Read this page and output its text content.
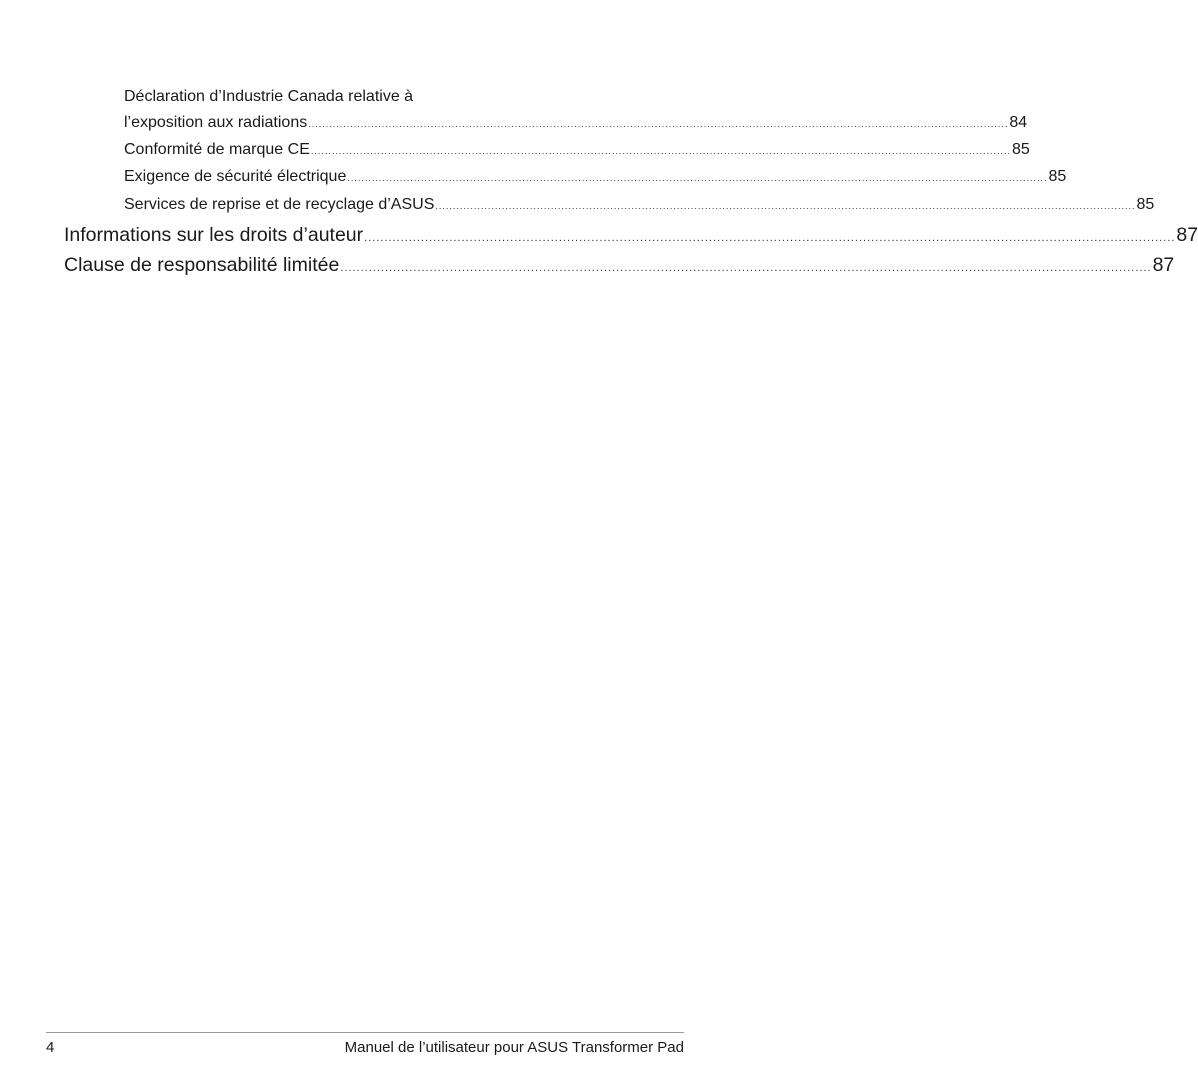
Déclaration d’Industrie Canada relative à
l’exposition aux radiations ........................................................................................................................................................................................................ 84
Conformité de marque CE ........................................................................................................................................................................................................ 85
Exigence de sécurité électrique ........................................................................................................................................................................................................ 85
Services de reprise et de recyclage d’ASUS ........................................................................................................................................................................................................ 85
Informations sur les droits d’auteur ........................................................................................................................................................................................................ 87
Clause de responsabilité limitée ........................................................................................................................................................................................................ 87
4	Manuel de l’utilisateur pour ASUS Transformer Pad
